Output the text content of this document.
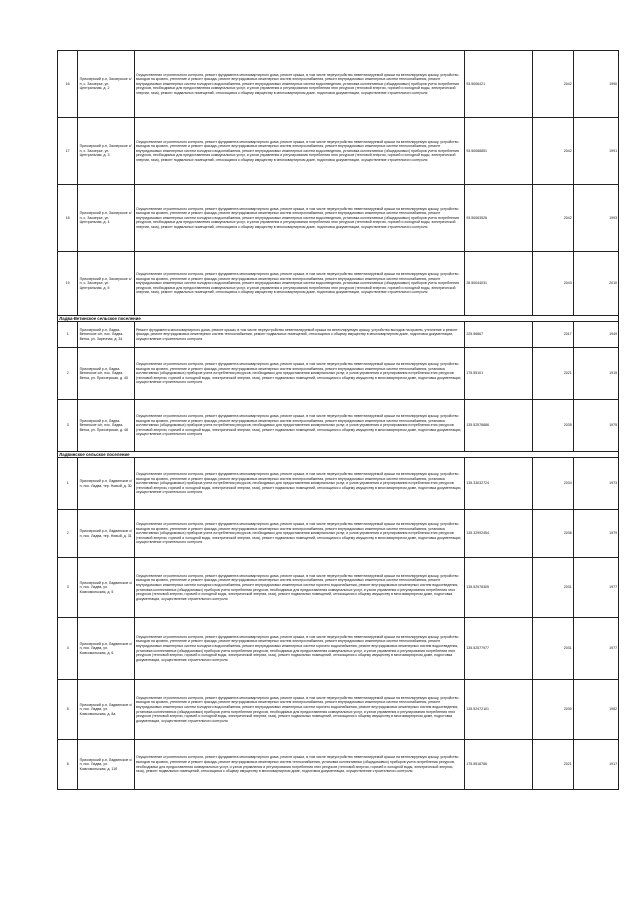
16	Приозерский р-н, Заозерское с/п, с. Заозерье, ул. Центральная, д. 2	Осуществление строительного контроля, ремонт фундамента многоквартирного дома, ремонт крыши, в том числе переустройство невентилируемой крыши на вентилируемую крышу, устройство выходов на кровлю, утепление и ремонт фасада, ремонт внутридомовых инженерных систем электроснабжения, ремонт внутридомовых инженерных систем теплоснабжения, ремонт внутридомовых инженерных систем холодного водоснабжения, ремонт внутридомовых инженерных систем водоотведения, установка коллективных (общедомовых) приборов учета потребления ресурсов, необходимых для предоставления коммунальных услуг, и узлов управления и регулирования потребления этих ресурсов (тепловой энергии, горячей и холодной воды, электрической энергии, газа), ремонт подвальных помещений, относящихся к общему имуществу в многоквартирном доме, подготовка документации, осуществление строительного контроля	93.5006421	2042	1990
17	Приозерский р-н, Заозерское с/п, с. Заозерье, ул. Центральная, д. 3	Осуществление строительного контроля, ремонт фундамента многоквартирного дома, ремонт крыши, в том числе переустройство невентилируемой крыши на вентилируемую крышу, устройство выходов на кровлю, утепление и ремонт фасада, ремонт внутридомовых инженерных систем электроснабжения, ремонт внутридомовых инженерных систем теплоснабжения, ремонт внутридомовых инженерных систем холодного водоснабжения, ремонт внутридомовых инженерных систем водоотведения, установка коллективных (общедомовых) приборов учета потребления ресурсов, необходимых для предоставления коммунальных услуг, и узлов управления и регулирования потребления этих ресурсов (тепловой энергии, горячей и холодной воды, электрической энергии, газа), ремонт подвальных помещений, относящихся к общему имуществу в многоквартирном доме, подготовка документации, осуществление строительного контроля	93.50068851	2042	1991
18	Приозерский р-н, Заозерское с/п, с. Заозерье, ул. Центральная, д. 4	Осуществление строительного контроля, ремонт фундамента многоквартирного дома, ремонт крыши, в том числе переустройство невентилируемой крыши на вентилируемую крышу, устройство выходов на кровлю, утепление и ремонт фасада, ремонт внутридомовых инженерных систем электроснабжения, ремонт внутридомовых инженерных систем теплоснабжения, ремонт внутридомовых инженерных систем холодного водоснабжения, ремонт внутридомовых инженерных систем водоотведения, установка коллективных (общедомовых) приборов учета потребления ресурсов, необходимых для предоставления коммунальных услуг, и узлов управления и регулирования потребления этих ресурсов (тепловой энергии, горячей и холодной воды, электрической энергии, газа), ремонт подвальных помещений, относящихся к общему имуществу в многоквартирном доме, подготовка документации, осуществление строительного контроля	93.50063526	2042	1993
19	Приозерский р-н, Заозерское с/п, с. Заозерье, ул. Центральная, д. 5	Осуществление строительного контроля, ремонт фундамента многоквартирного дома, ремонт крыши, в том числе переустройство невентилируемой крыши на вентилируемую крышу, устройство выходов на кровлю, утепление и ремонт фасада, ремонт внутридомовых инженерных систем электроснабжения, ремонт внутридомовых инженерных систем теплоснабжения, ремонт внутридомовых инженерных систем холодного водоснабжения, ремонт внутридомовых инженерных систем водоотведения, установка коллективных (общедомовых) приборов учета потребления ресурсов, необходимых для предоставления коммунальных услуг, и узлов управления и регулирования потребления этих ресурсов (тепловой энергии, горячей и холодной воды, электрической энергии, газа), ремонт подвальных помещений, относящихся к общему имуществу в многоквартирном доме, подготовка документации, осуществление строительного контроля	28.50044031	2043	2010
Ладва-Ветинское сельское поселение					
1	Приозерский р-н, Ладва-Ветинское с/п, пос. Ладва-Ветка, ул. Заречная, д. 34	Ремонт фундамента многоквартирного дома, ремонт крыши, в том числе переустройство невентилируемой крыши на вентилируемую крышу, устройство выходов на кровлю, утепление и ремонт фасада, ремонт внутридомовых инженерных систем теплоснабжения, ремонт подвальных помещений, относящихся к общему имуществу в многоквартирном доме, подготовка документации, осуществление строительного контроля	225.56867	2017	1949
2	Приозерский р-н, Ладва-Ветинское с/п, пос. Ладва-Ветка, ул. Приозерская, д. 40	Осуществление строительного контроля, ремонт фундамента многоквартирного дома, ремонт крыши, в том числе переустройство невентилируемой крыши на вентилируемую крышу, устройство выходов на кровлю, утепление и ремонт фасада, ремонт внутридомовых инженерных систем электроснабжения, ремонт внутридомовых инженерных систем теплоснабжения, установка коллективных (общедомовых) приборов учета потребления ресурсов, необходимых для предоставления коммунальных услуг, и узлов управления и регулирования потребления этих ресурсов (тепловой энергии, горячей и холодной воды, электрической энергии, газа), ремонт подвальных помещений, относящихся к общему имуществу в многоквартирном доме, подготовка документации, осуществление строительного контроля	175.55101	2021	1915
3	Приозерский р-н, Ладва-Ветинское с/п, пос. Ладва-Ветка, ул. Приозерская, д. 48	Осуществление строительного контроля, ремонт фундамента многоквартирного дома, ремонт крыши, в том числе переустройство невентилируемой крыши на вентилируемую крышу, устройство выходов на кровлю, утепление и ремонт фасада, ремонт внутридомовых инженерных систем электроснабжения, ремонт внутридомовых инженерных систем теплоснабжения, установка коллективных (общедомовых) приборов учета потребления ресурсов, необходимых для предоставления коммунальных услуг, и узлов управления и регулирования потребления этих ресурсов (тепловой энергии, горячей и холодной воды, электрической энергии, газа), ремонт подвальных помещений, относящихся к общему имуществу в многоквартирном доме, подготовка документации, осуществление строительного контроля	135.52578686	2035	1975
Ладвинское сельское поселение					
1	Приозерский р-н, Ладвинское с/п, пос. Ладва, тер. Новый, д. 30	Осуществление строительного контроля, ремонт фундамента многоквартирного дома, ремонт крыши, в том числе переустройство невентилируемой крыши на вентилируемую крышу, устройство выходов на кровлю, утепление и ремонт фасада, ремонт внутридомовых инженерных систем электроснабжения, ремонт внутридомовых инженерных систем теплоснабжения, установка коллективных (общедомовых) приборов учета потребления ресурсов, необходимых для предоставления коммунальных услуг, и узлов управления и регулирования потребления этих ресурсов (тепловой энергии, горячей и холодной воды, электрической энергии, газа), ремонт подвальных помещений, относящихся к общему имуществу в многоквартирном доме, подготовка документации, осуществление строительного контроля	135.33032724	2034	1973
2	Приозерский р-н, Ладвинское с/п, пос. Ладва, тер. Новый, д. 31	Осуществление строительного контроля, ремонт фундамента многоквартирного дома, ремонт крыши, в том числе переустройство невентилируемой крыши на вентилируемую крышу, устройство выходов на кровлю, утепление и ремонт фасада, ремонт внутридомовых инженерных систем электроснабжения, ремонт внутридомовых инженерных систем теплоснабжения, установка коллективных (общедомовых) приборов учета потребления ресурсов, необходимых для предоставления коммунальных услуг, и узлов управления и регулирования потребления этих ресурсов (тепловой энергии, горячей и холодной воды, электрической энергии, газа), ремонт подвальных помещений, относящихся к общему имуществу в многоквартирном доме, подготовка документации, осуществление строительного контроля	135.32992454	2038	1979
3	Приозерский р-н, Ладвинское с/п, пос. Ладва, ул. Комсомольская, д. 5	Осуществление строительного контроля, ремонт фундамента многоквартирного дома, ремонт крыши, в том числе переустройство невентилируемой крыши на вентилируемую крышу, устройство выходов на кровлю, утепление и ремонт фасада, ремонт внутридомовых инженерных систем электроснабжения, ремонт внутридомовых инженерных систем теплоснабжения, ремонт внутридомовых инженерных систем холодного водоснабжения, ремонт внутридомовых инженерных систем горячего водоснабжения, ремонт внутридомовых инженерных систем водоотведения, установка коллективных (общедомовых) приборов учета потребления ресурсов, необходимых для предоставления коммунальных услуг, и узлов управления и регулирования потребления этих ресурсов (тепловой энергии, горячей и холодной воды, электрической энергии, газа), ремонт подвальных помещений, относящихся к общему имуществу в многоквартирном доме, подготовка документации, осуществление строительного контроля	135.52578305	2031	1977
4	Приозерский р-н, Ладвинское с/п, пос. Ладва, ул. Комсомольская, д. 6	Осуществление строительного контроля, ремонт фундамента многоквартирного дома, ремонт крыши, в том числе переустройство невентилируемой крыши на вентилируемую крышу, устройство выходов на кровлю, утепление и ремонт фасада, ремонт внутридомовых инженерных систем электроснабжения, ремонт внутридомовых инженерных систем теплоснабжения, ремонт внутридомовых инженерных систем холодного водоснабжения, ремонт внутридомовых инженерных систем горячего водоснабжения, ремонт внутридомовых инженерных систем водоотведения, установка коллективных (общедомовых) приборов учета потребления ресурсов, необходимых для предоставления коммунальных услуг, и узлов управления и регулирования потребления этих ресурсов (тепловой энергии, горячей и холодной воды, электрической энергии, газа), ремонт подвальных помещений, относящихся к общему имуществу в многоквартирном доме, подготовка документации, осуществление строительного контроля	135.52577977	2031	1977
5	Приозерский р-н, Ладвинское с/п, пос. Ладва, ул. Комсомольская, д. 8а	Осуществление строительного контроля, ремонт фундамента многоквартирного дома, ремонт крыши, в том числе переустройство невентилируемой крыши на вентилируемую крышу, устройство выходов на кровлю, утепление и ремонт фасада, ремонт внутридомовых инженерных систем электроснабжения, ремонт внутридомовых инженерных систем теплоснабжения, ремонт внутридомовых инженерных систем холодного водоснабжения, ремонт внутридомовых инженерных систем горячего водоснабжения, ремонт внутридомовых инженерных систем водоотведения, установка коллективных (общедомовых) приборов учета потребления ресурсов, необходимых для предоставления коммунальных услуг, и узлов управления и регулирования потребления этих ресурсов (тепловой энергии, горячей и холодной воды, электрической энергии, газа), ремонт подвальных помещений, относящихся к общему имуществу в многоквартирном доме, подготовка документации, осуществление строительного контроля	135.52472101	2030	1982
6	Приозерский р-н, Ладвинское с/п, пос. Ладва, ул. Комсомольская, д. 11б	Осуществление строительного контроля, ремонт фундамента многоквартирного дома, ремонт крыши, в том числе переустройство невентилируемой крыши на вентилируемую крышу, устройство выходов на кровлю, утепление и ремонт фасада, ремонт внутридомовых инженерных систем теплоснабжения, установка коллективных (общедомовых) приборов учета потребления ресурсов, необходимых для предоставления коммунальных услуг, и узлов управления и регулирования потребления этих ресурсов (тепловой энергии, горячей и холодной воды, электрической энергии, газа), ремонт подвальных помещений, относящихся к общему имуществу в многоквартирном доме, подготовка документации, осуществление строительного контроля	175.5518766	2021	1917
